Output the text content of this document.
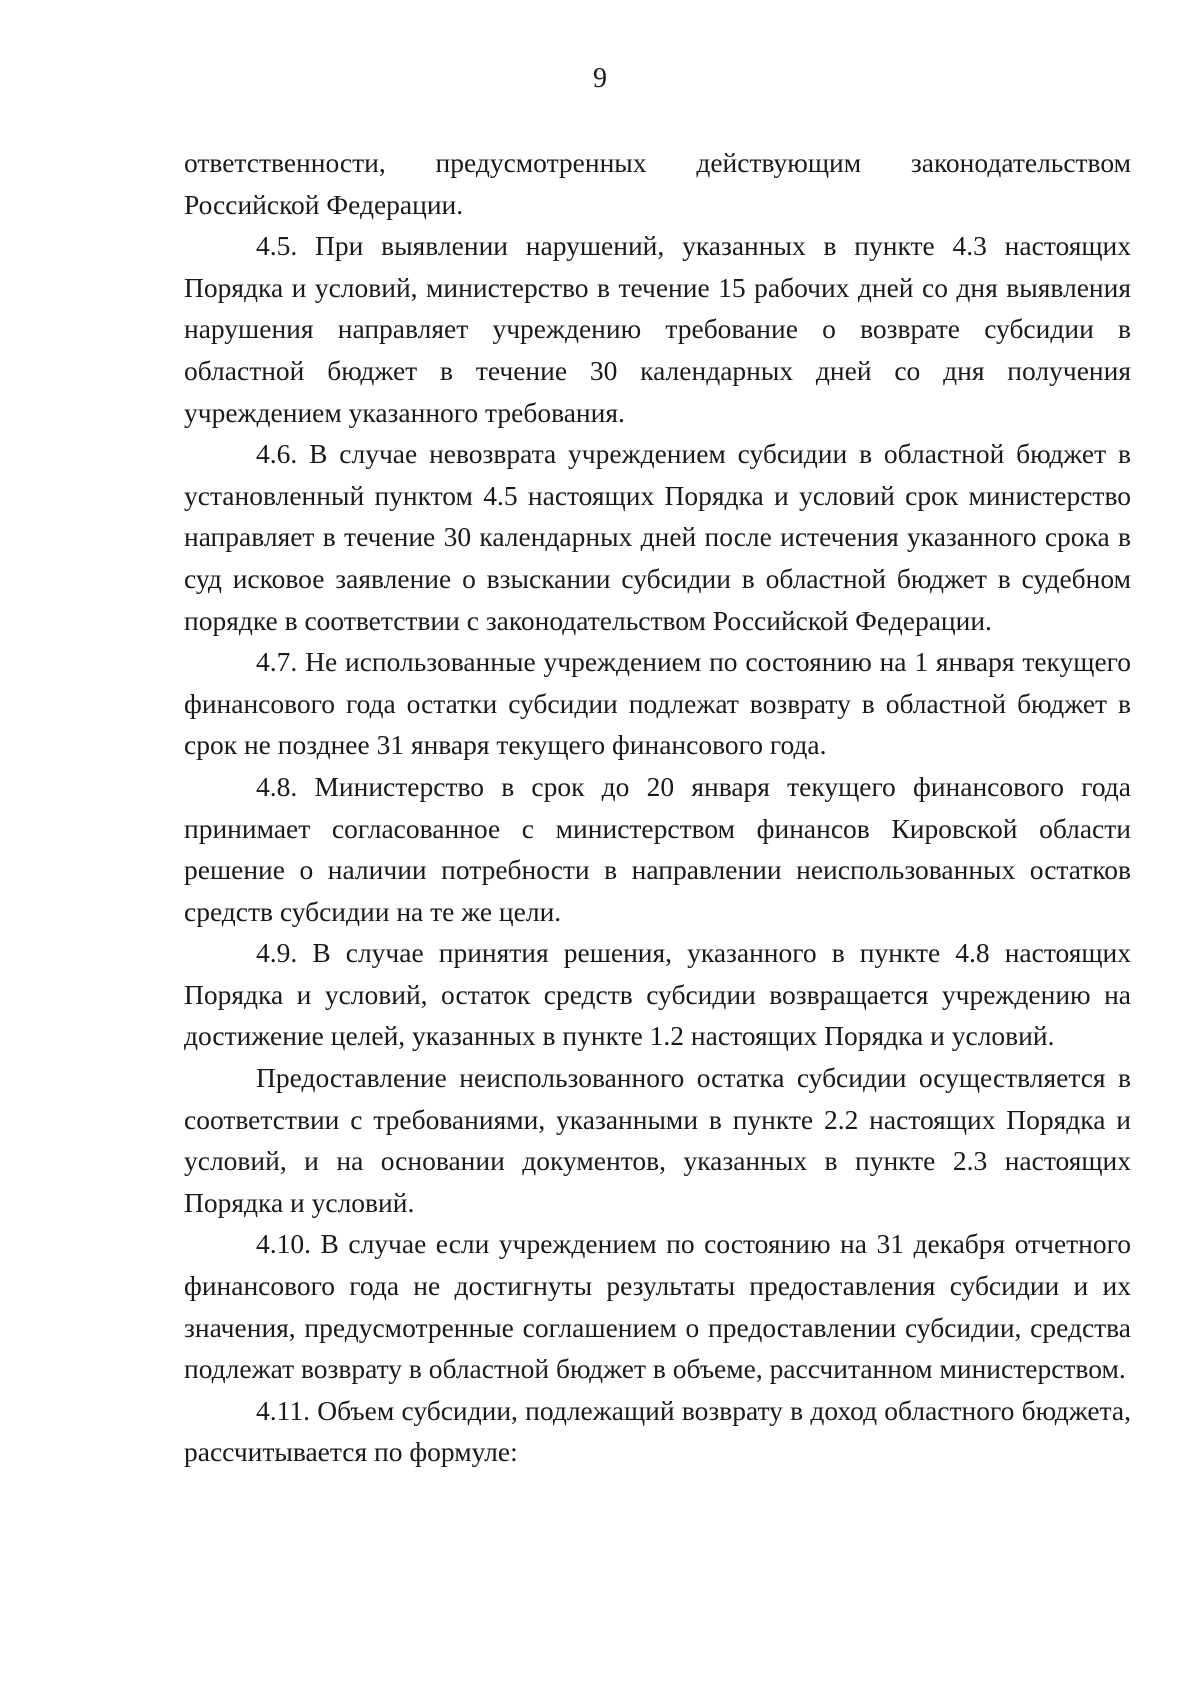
9

ответственности, предусмотренных действующим законодательством Российской Федерации.

4.5. При выявлении нарушений, указанных в пункте 4.3 настоящих Порядка и условий, министерство в течение 15 рабочих дней со дня выявления нарушения направляет учреждению требование о возврате субсидии в областной бюджет в течение 30 календарных дней со дня получения учреждением указанного требования.

4.6. В случае невозврата учреждением субсидии в областной бюджет в установленный пунктом 4.5 настоящих Порядка и условий срок министерство направляет в течение 30 календарных дней после истечения указанного срока в суд исковое заявление о взыскании субсидии в областной бюджет в судебном порядке в соответствии с законодательством Российской Федерации.

4.7. Не использованные учреждением по состоянию на 1 января текущего финансового года остатки субсидии подлежат возврату в областной бюджет в срок не позднее 31 января текущего финансового года.

4.8. Министерство в срок до 20 января текущего финансового года принимает согласованное с министерством финансов Кировской области решение о наличии потребности в направлении неиспользованных остатков средств субсидии на те же цели.

4.9. В случае принятия решения, указанного в пункте 4.8 настоящих Порядка и условий, остаток средств субсидии возвращается учреждению на достижение целей, указанных в пункте 1.2 настоящих Порядка и условий.

Предоставление неиспользованного остатка субсидии осуществляется в соответствии с требованиями, указанными в пункте 2.2 настоящих Порядка и условий, и на основании документов, указанных в пункте 2.3 настоящих Порядка и условий.

4.10. В случае если учреждением по состоянию на 31 декабря отчетного финансового года не достигнуты результаты предоставления субсидии и их значения, предусмотренные соглашением о предоставлении субсидии, средства подлежат возврату в областной бюджет в объеме, рассчитанном министерством.

4.11. Объем субсидии, подлежащий возврату в доход областного бюджета, рассчитывается по формуле:
